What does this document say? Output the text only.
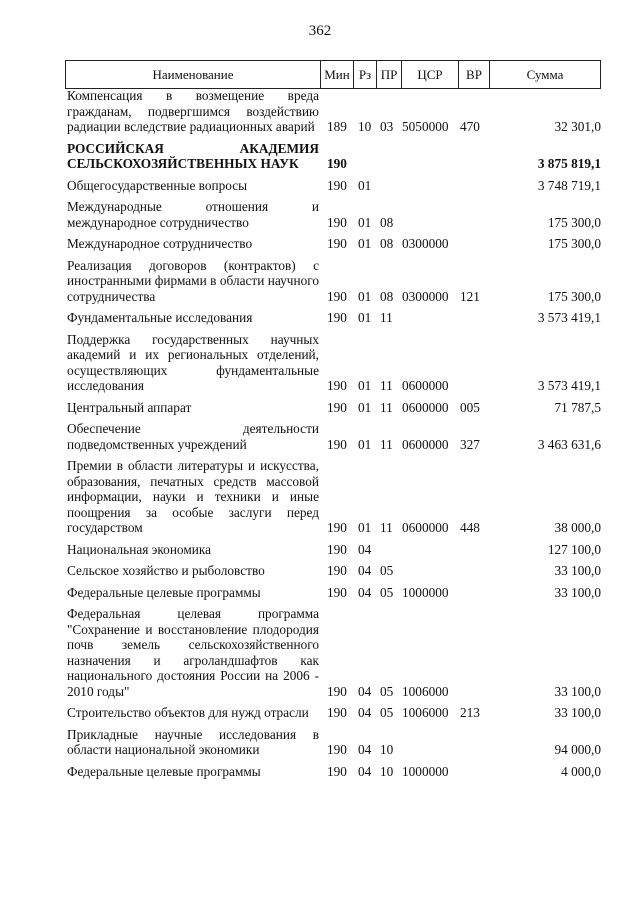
362
Наименование	Мин	Рз	ПР	ЦСР	ВР	Сумма
Компенсация в возмещение вреда гражданам, подвергшимся воздействию радиации вследствие радиационных аварий	189	10	03	5050000	470	32 301,0
РОССИЙСКАЯ АКАДЕМИЯ СЕЛЬСКОХОЗЯЙСТВЕННЫХ НАУК	190					3 875 819,1
Общегосударственные вопросы	190	01				3 748 719,1
Международные отношения и международное сотрудничество	190	01	08			175 300,0
Международное сотрудничество	190	01	08	0300000		175 300,0
Реализация договоров (контрактов) с иностранными фирмами в области научного сотрудничества	190	01	08	0300000	121	175 300,0
Фундаментальные исследования	190	01	11			3 573 419,1
Поддержка государственных научных академий и их региональных отделений, осуществляющих фундаментальные исследования	190	01	11	0600000		3 573 419,1
Центральный аппарат	190	01	11	0600000	005	71 787,5
Обеспечение деятельности подведомственных учреждений	190	01	11	0600000	327	3 463 631,6
Премии в области литературы и искусства, образования, печатных средств массовой информации, науки и техники и иные поощрения за особые заслуги перед государством	190	01	11	0600000	448	38 000,0
Национальная экономика	190	04				127 100,0
Сельское хозяйство и рыболовство	190	04	05			33 100,0
Федеральные целевые программы	190	04	05	1000000		33 100,0
Федеральная целевая программа "Сохранение и восстановление плодородия почв земель сельскохозяйственного назначения и агроландшафтов как национального достояния России на 2006 - 2010 годы"	190	04	05	1006000		33 100,0
Строительство объектов для нужд отрасли	190	04	05	1006000	213	33 100,0
Прикладные научные исследования в области национальной экономики	190	04	10			94 000,0
Федеральные целевые программы	190	04	10	1000000		4 000,0
